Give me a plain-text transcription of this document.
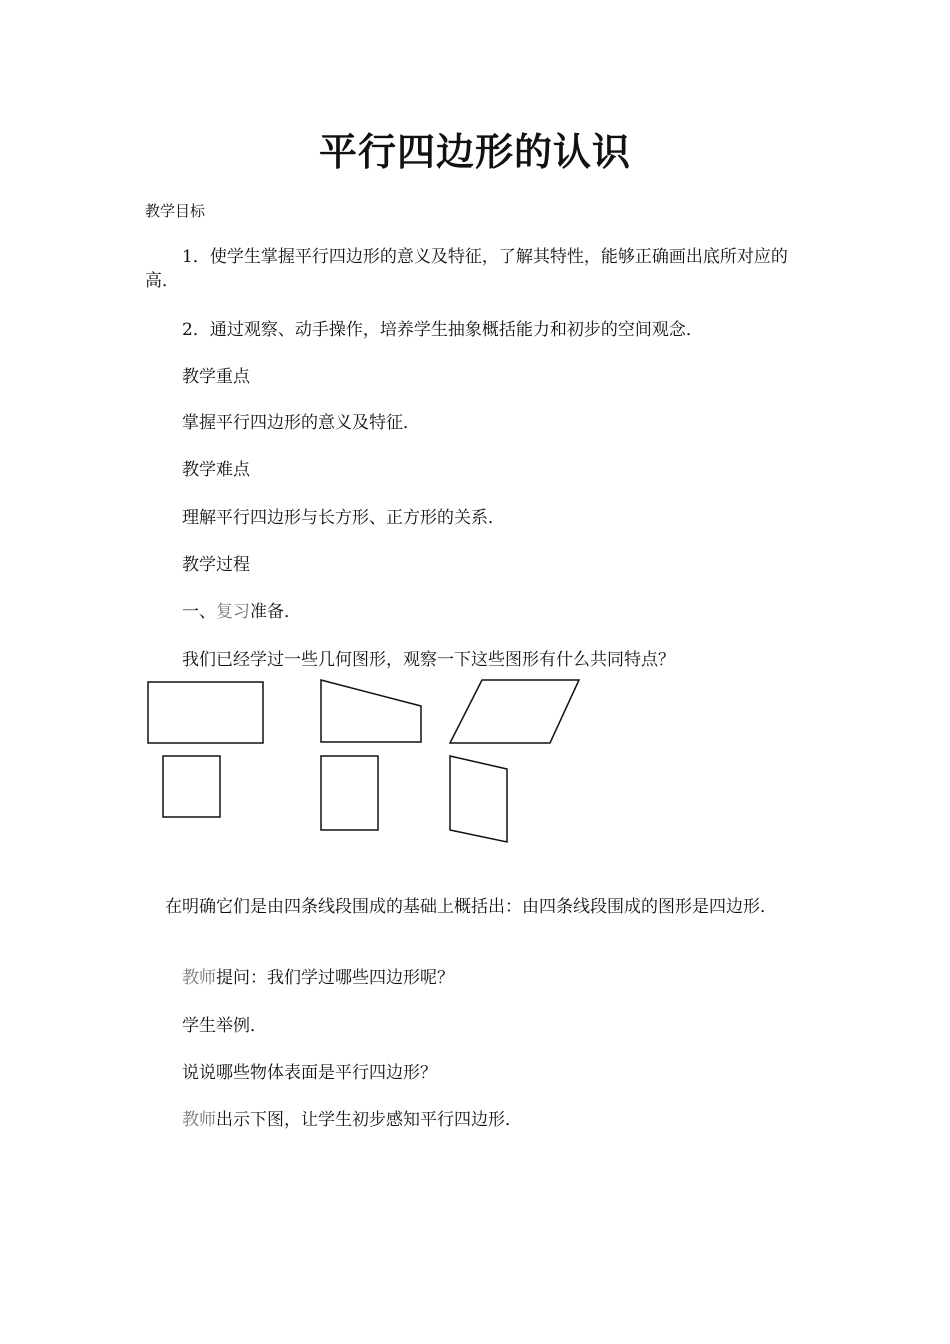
平行四边形的认识

教学目标

1．使学生掌握平行四边形的意义及特征，了解其特性，能够正确画出底所对应的高．

2．通过观察、动手操作，培养学生抽象概括能力和初步的空间观念．

教学重点

掌握平行四边形的意义及特征．

教学难点

理解平行四边形与长方形、正方形的关系．

教学过程

一、复习准备．

我们已经学过一些几何图形，观察一下这些图形有什么共同特点？

在明确它们是由四条线段围成的基础上概括出：由四条线段围成的图形是四边形．

教师提问：我们学过哪些四边形呢？

学生举例．

说说哪些物体表面是平行四边形？

教师出示下图，让学生初步感知平行四边形．
